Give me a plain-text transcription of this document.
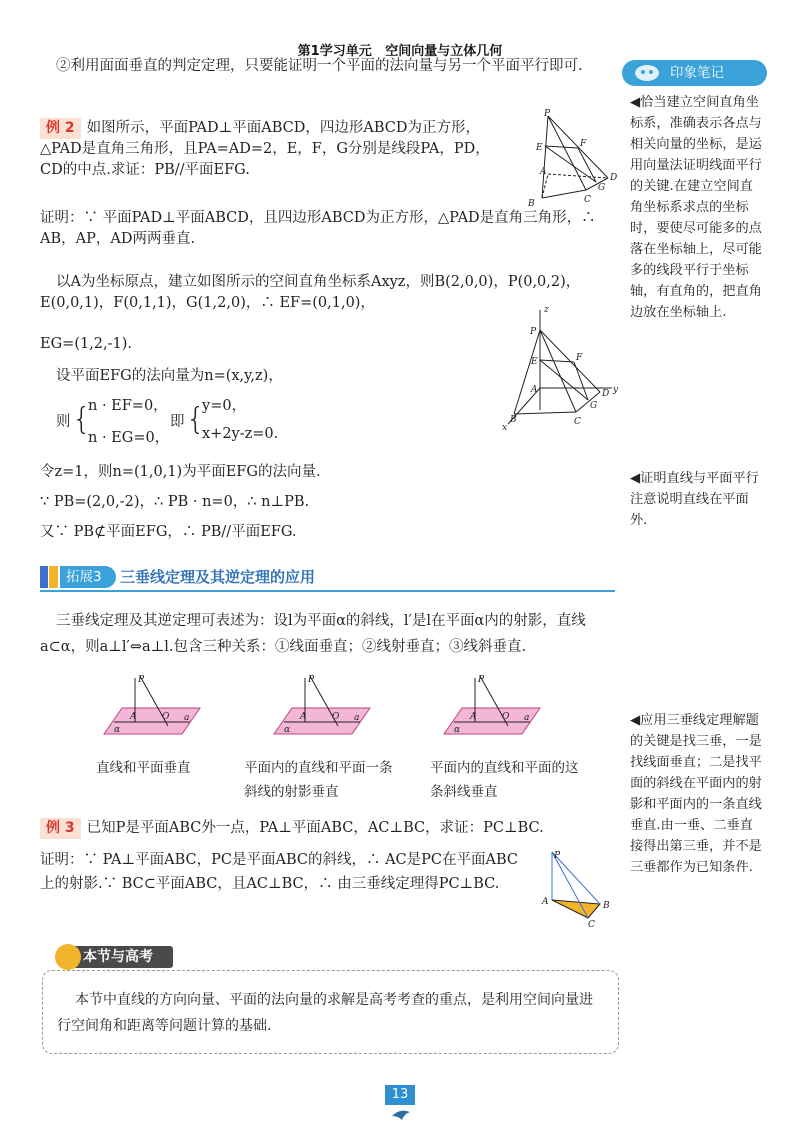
第1学习单元 空间向量与立体几何
②利用面面垂直的判定定理，只要能证明一个平面的法向量与另一个平面平行即可.
例 2 如图所示，平面PAD⊥平面ABCD，四边形ABCD为正方形，△PAD是直角三角形，且PA=AD=2，E，F，G分别是线段PA，PD，CD的中点.求证：PB//平面EFG.
P
F
E
A
D
G
B	C
证明：∵ 平面PAD⊥平面ABCD，且四边形ABCD为正方形，△PAD是直角三角形，∴ AB，AP，AD两两垂直.
以A为坐标原点，建立如图所示的空间直角坐标系Axyz，则B(2,0,0)，P(0,0,2)，E(0,0,1)，F(0,1,1)，G(1,2,0)，∴ EF=(0,1,0)，
EG=(1,2,-1).
设平面EFG的法向量为n=(x,y,z)，
则 {
n · EF=0，
n · EG=0，
即 {
y=0，
x+2y-z=0.
z
P
F
E
A	D y
G
B	C
x
令z=1，则n=(1,0,1)为平面EFG的法向量.
∵ PB=(2,0,-2)，∴ PB · n=0，∴ n⊥PB.
又∵ PB⊄平面EFG，∴ PB//平面EFG.
拓展3	三垂线定理及其逆定理的应用
三垂线定理及其逆定理可表述为：设l为平面α的斜线，l′是l在平面α内的射影，直线a⊂α，则a⊥l′⇔a⊥l.包含三种关系：①线面垂直；②线射垂直；③线斜垂直.
P
A	O a
α
P
A	O a
α
P
A	O a
α
直线和平面垂直	平面内的直线和平面一条斜线的射影垂直
平面内的直线和平面的这条斜线垂直
例 3 已知P是平面ABC外一点，PA⊥平面ABC，AC⊥BC，求证：PC⊥BC.
证明：∵ PA⊥平面ABC，PC是平面ABC的斜线，∴ AC是PC在平面ABC上的射影.∵ BC⊂平面ABC，且AC⊥BC，∴ 由三垂线定理得PC⊥BC.
P
A	B
C
本节与高考
本节中直线的方向向量、平面的法向量的求解是高考考查的重点，是利用空间向量进行空间角和距离等问题计算的基础.
印象笔记
◀恰当建立空间直角坐标系，准确表示各点与相关向量的坐标，是运用向量法证明线面平行的关键.在建立空间直角坐标系求点的坐标时，要使尽可能多的点落在坐标轴上，尽可能多的线段平行于坐标轴，有直角的，把直角边放在坐标轴上.
◀证明直线与平面平行注意说明直线在平面外.
◀应用三垂线定理解题的关键是找三垂，一是找线面垂直；二是找平面的斜线在平面内的射影和平面内的一条直线垂直.由一垂、二垂直接得出第三垂，并不是三垂都作为已知条件.
13
